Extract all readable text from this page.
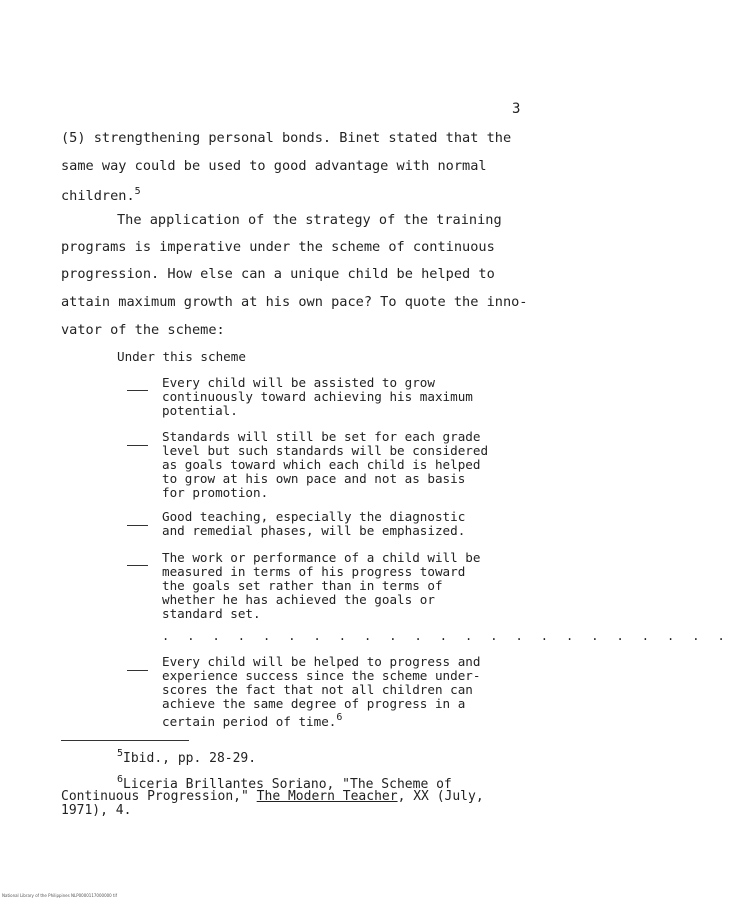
3
(5) strengthening personal bonds. Binet stated that the
same way could be used to good advantage with normal
children.$^5$
The application of the strategy of the training
programs is imperative under the scheme of continuous
progression. How else can a unique child be helped to
attain maximum growth at his own pace? To quote the inno-
vator of the scheme:
Under this scheme
Every child will be assisted to grow
continuously toward achieving his maximum
potential.
Standards will still be set for each grade
level but such standards will be considered
as goals toward which each child is helped
to grow at his own pace and not as basis
for promotion.
Good teaching, especially the diagnostic
and remedial phases, will be emphasized.
The work or performance of a child will be
measured in terms of his progress toward
the goals set rather than in terms of
whether he has achieved the goals or
standard set.
. . . . . . . . . . . . . . . . . . . . . . .
Every child will be helped to progress and
experience success since the scheme under-
scores the fact that not all children can
achieve the same degree of progress in a
certain period of time.$^6$
$^5$Ibid., pp. 28-29.
$^6$Liceria Brillantes Soriano, "The Scheme of
Continuous Progression," The Modern Teacher, XX (July,
1971), 4.
National Library of the Philippines NLP0000117000000 tif
